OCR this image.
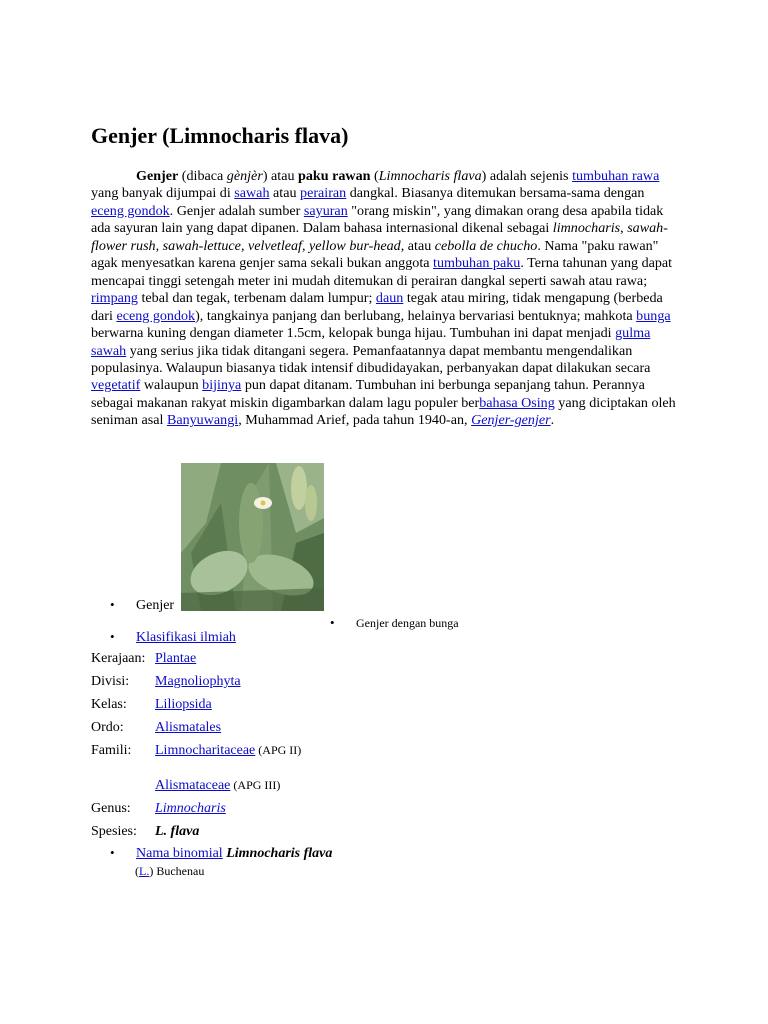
Genjer (Limnocharis flava)

Genjer (dibaca gènjèr) atau paku rawan (Limnocharis flava) adalah sejenis tumbuhan rawa yang banyak dijumpai di sawah atau perairan dangkal. Biasanya ditemukan bersama-sama dengan eceng gondok. Genjer adalah sumber sayuran "orang miskin", yang dimakan orang desa apabila tidak ada sayuran lain yang dapat dipanen. Dalam bahasa internasional dikenal sebagai limnocharis, sawah-flower rush, sawah-lettuce, velvetleaf, yellow bur-head, atau cebolla de chucho. Nama "paku rawan" agak menyesatkan karena genjer sama sekali bukan anggota tumbuhan paku. Terna tahunan yang dapat mencapai tinggi setengah meter ini mudah ditemukan di perairan dangkal seperti sawah atau rawa; rimpang tebal dan tegak, terbenam dalam lumpur; daun tegak atau miring, tidak mengapung (berbeda dari eceng gondok), tangkainya panjang dan berlubang, helainya bervariasi bentuknya; mahkota bunga berwarna kuning dengan diameter 1.5cm, kelopak bunga hijau. Tumbuhan ini dapat menjadi gulma sawah yang serius jika tidak ditangani segera. Pemanfaatannya dapat membantu mengendalikan populasinya. Walaupun biasanya tidak intensif dibudidayakan, perbanyakan dapat dilakukan secara vegetatif walaupun bijinya pun dapat ditanam. Tumbuhan ini berbunga sepanjang tahun. Perannya sebagai makanan rakyat miskin digambarkan dalam lagu populer berbahasa Osing yang diciptakan oleh seniman asal Banyuwangi, Muhammad Arief, pada tahun 1940-an, Genjer-genjer.

• Genjer
• Genjer dengan bunga
• Klasifikasi ilmiah
Kerajaan: Plantae
Divisi: Magnoliophyta
Kelas: Liliopsida
Ordo: Alismatales
Famili: Limnocharitaceae (APG II)
Alismataceae (APG III)
Genus: Limnocharis
Spesies: L. flava
• Nama binomial Limnocharis flava
(L.) Buchenau
